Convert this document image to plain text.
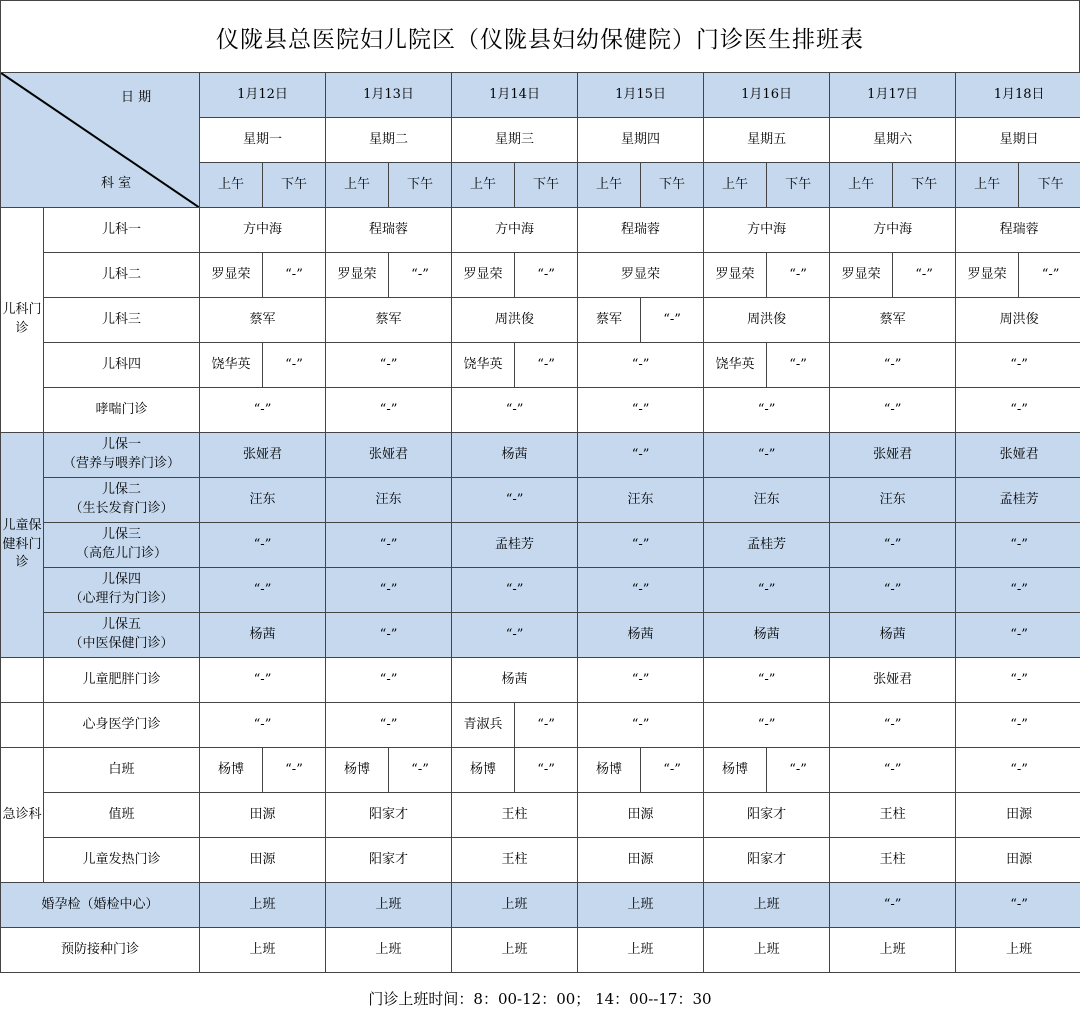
仪陇县总医院妇儿院区（仪陇县妇幼保健院）门诊医生排班表
日 期
科 室		1月12日		1月13日		1月14日		1月15日		1月16日		1月17日		1月18日	
		星期一		星期二		星期三		星期四		星期五		星期六		星期日	
		上午	下午	上午	下午	上午	下午	上午	下午	上午	下午	上午	下午	上午	下午
儿科门诊	儿科一	方中海		程瑞蓉		方中海		程瑞蓉		方中海		方中海		程瑞蓉	

	儿科二	罗显荣	“-”	罗显荣	“-”	罗显荣	“-”	罗显荣		罗显荣	“-”	罗显荣	“-”	罗显荣	“-”

	儿科三	蔡军		蔡军		周洪俊		蔡军	“-”	周洪俊		蔡军		周洪俊	

	儿科四	饶华英	“-”	“-”		饶华英	“-”	“-”		饶华英	“-”	“-”		“-”	

	哮喘门诊	“-”		“-”		“-”		“-”		“-”		“-”		“-”	
儿童保健科门诊	儿保一
（营养与喂养门诊）	张娅君		张娅君		杨茜		“-”		“-”		张娅君		张娅君	

	儿保二
（生长发育门诊）	汪东		汪东		“-”		汪东		汪东		汪东		孟桂芳	

	儿保三
（高危儿门诊）	“-”		“-”		孟桂芳		“-”		孟桂芳		“-”		“-”	

	儿保四
（心理行为门诊）	“-”		“-”		“-”		“-”		“-”		“-”		“-”	

	儿保五
（中医保健门诊）	杨茜		“-”		“-”		杨茜		杨茜		杨茜		“-”	

	儿童肥胖门诊	“-”		“-”		杨茜		“-”		“-”		张娅君		“-”	

	心身医学门诊	“-”		“-”		青淑兵	“-”	“-”		“-”		“-”		“-”	
急诊科	白班	杨博	“-”	杨博	“-”	杨博	“-”	杨博	“-”	杨博	“-”	“-”		“-”	

	值班	田源		阳家才		王柱		田源		阳家才		王柱		田源	

	儿童发热门诊	田源		阳家才		王柱		田源		阳家才		王柱		田源	
婚孕检（婚检中心）		上班		上班		上班		上班		上班		“-”		“-”	
预防接种门诊		上班		上班		上班		上班		上班		上班		上班	
门诊上班时间：8：00-12：00； 14：00--17：30
